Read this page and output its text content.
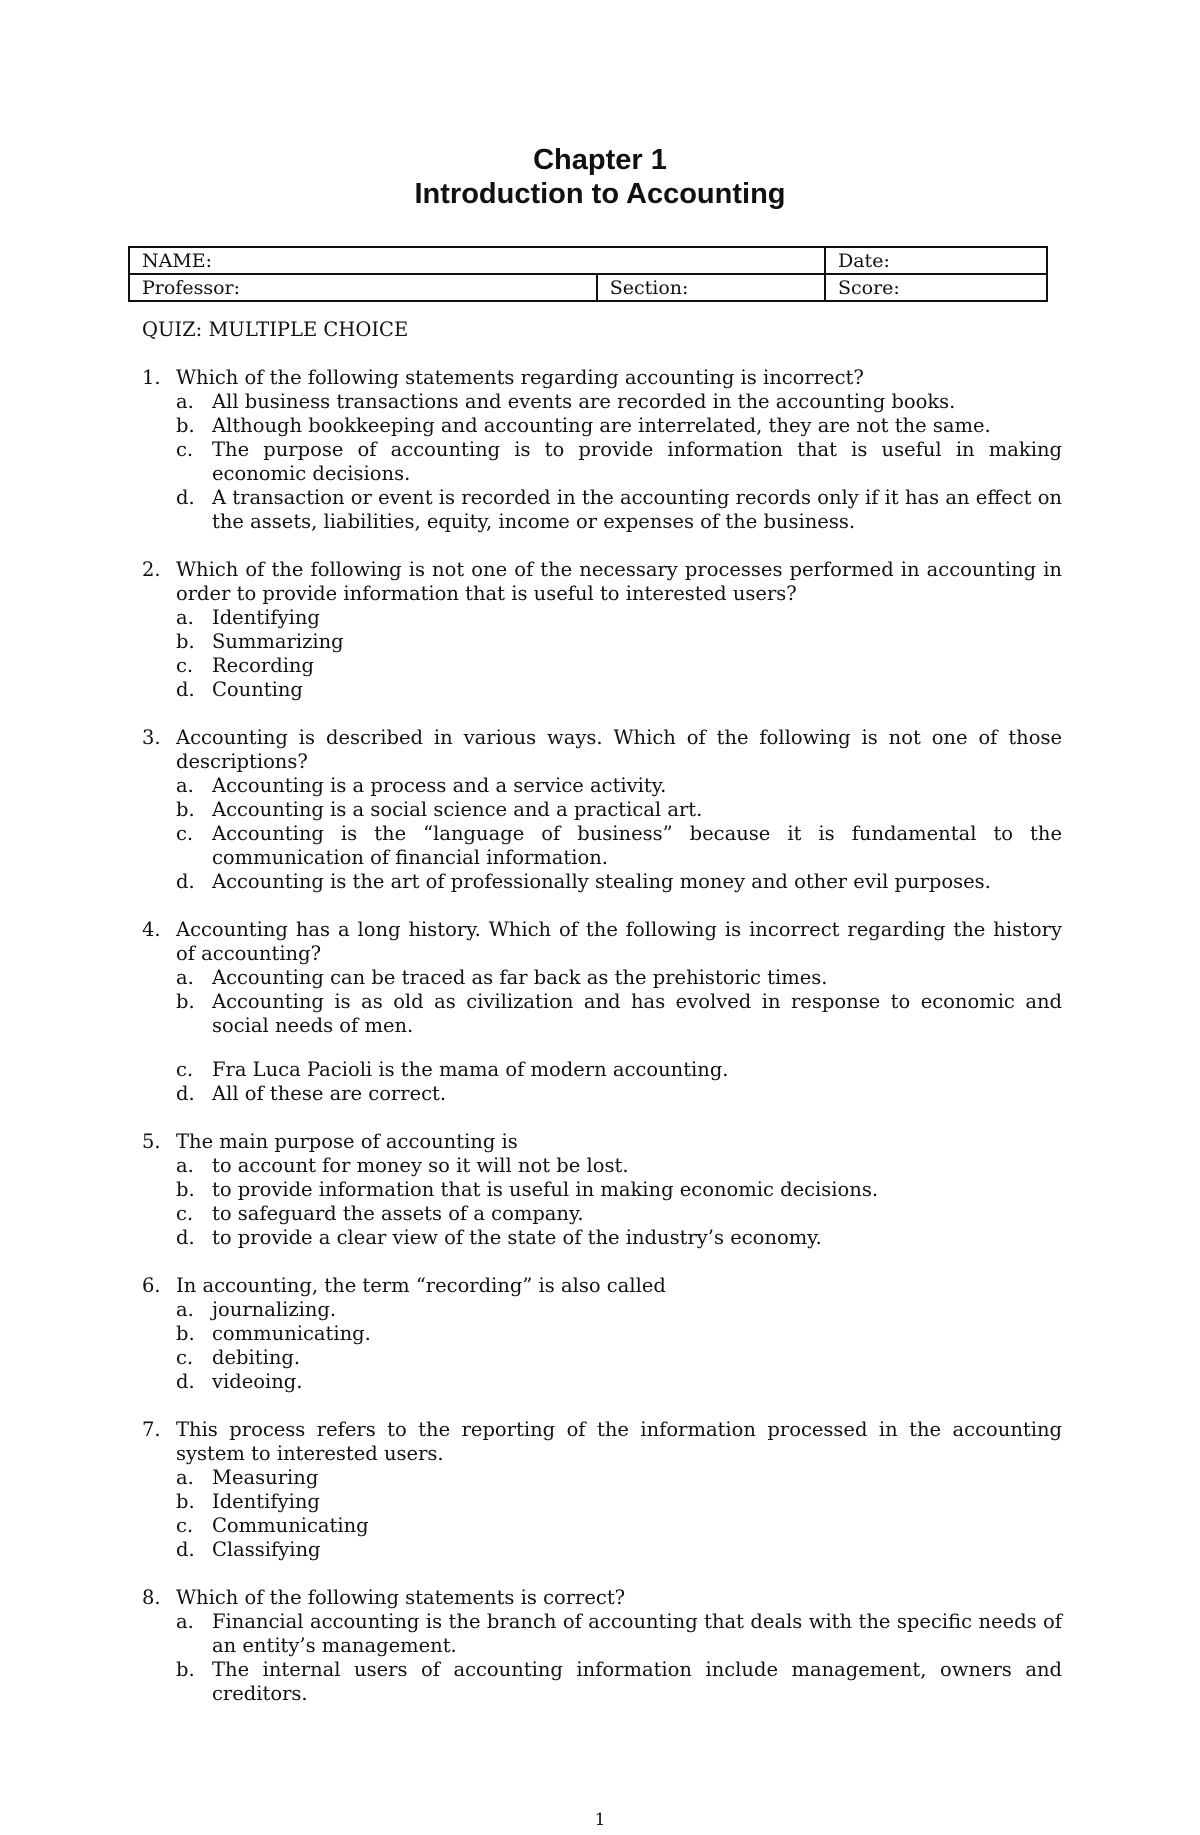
Chapter 1
Introduction to Accounting
NAME:		Date:
Professor:	Section:	Score:
QUIZ: MULTIPLE CHOICE
1. Which of the following statements regarding accounting is incorrect?
a. All business transactions and events are recorded in the accounting books.
b. Although bookkeeping and accounting are interrelated, they are not the same.
c. The purpose of accounting is to provide information that is useful in making economic decisions.
d. A transaction or event is recorded in the accounting records only if it has an effect on the assets, liabilities, equity, income or expenses of the business.
2. Which of the following is not one of the necessary processes performed in accounting in order to provide information that is useful to interested users?
a. Identifying
b. Summarizing
c. Recording
d. Counting
3. Accounting is described in various ways. Which of the following is not one of those descriptions?
a. Accounting is a process and a service activity.
b. Accounting is a social science and a practical art.
c. Accounting is the “language of business” because it is fundamental to the communication of financial information.
d. Accounting is the art of professionally stealing money and other evil purposes.
4. Accounting has a long history. Which of the following is incorrect regarding the history of accounting?
a. Accounting can be traced as far back as the prehistoric times.
b. Accounting is as old as civilization and has evolved in response to economic and social needs of men.
c. Fra Luca Pacioli is the mama of modern accounting.
d. All of these are correct.
5. The main purpose of accounting is
a. to account for money so it will not be lost.
b. to provide information that is useful in making economic decisions.
c. to safeguard the assets of a company.
d. to provide a clear view of the state of the industry’s economy.
6. In accounting, the term “recording” is also called
a. journalizing.
b. communicating.
c. debiting.
d. videoing.
7. This process refers to the reporting of the information processed in the accounting system to interested users.
a. Measuring
b. Identifying
c. Communicating
d. Classifying
8. Which of the following statements is correct?
a. Financial accounting is the branch of accounting that deals with the specific needs of an entity’s management.
b. The internal users of accounting information include management, owners and creditors.
1
